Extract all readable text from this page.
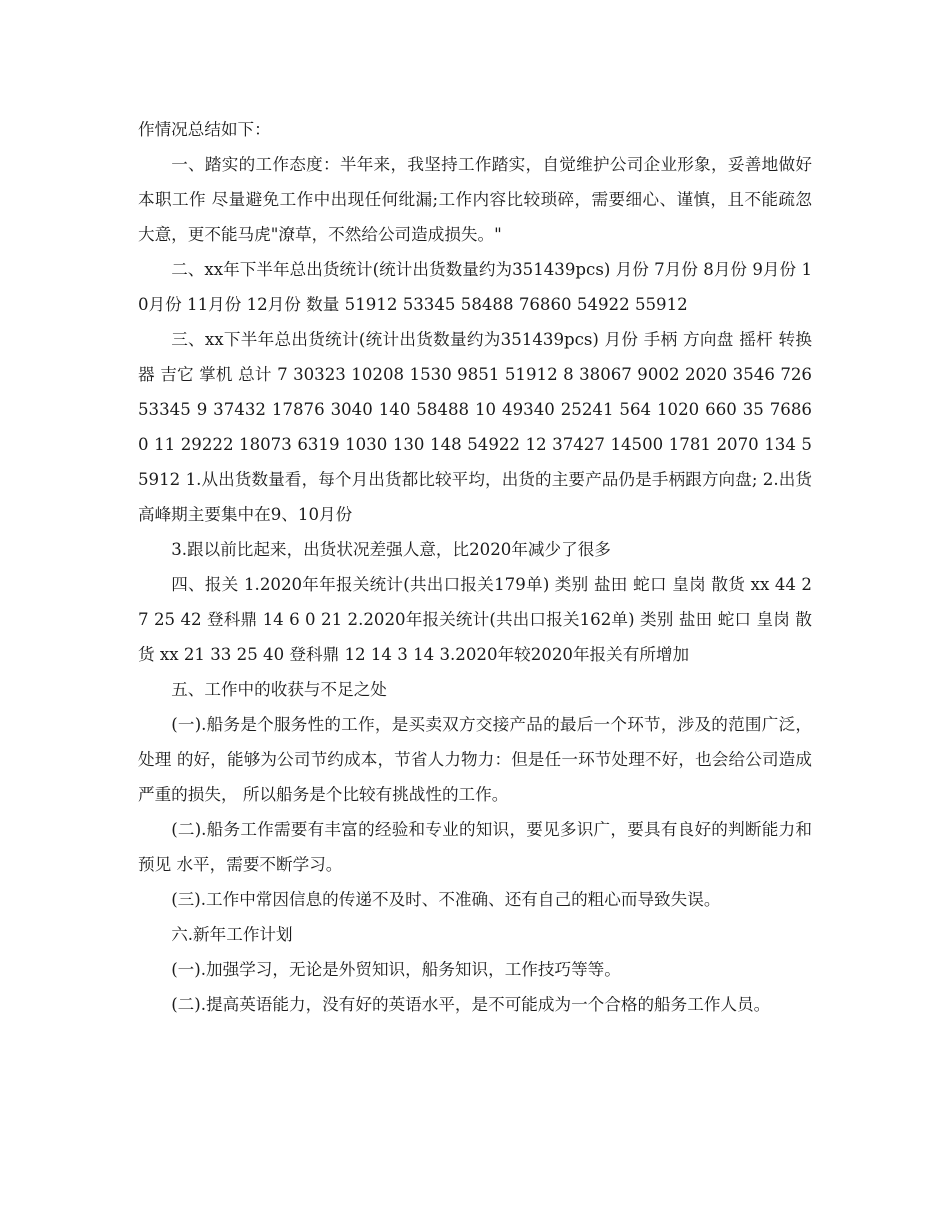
作情况总结如下：

一、踏实的工作态度：半年来，我坚持工作踏实，自觉维护公司企业形象，妥善地做好本职工作 尽量避免工作中出现任何纰漏;工作内容比较琐碎，需要细心、谨慎，且不能疏忽大意，更不能马虎"潦草，不然给公司造成损失。"

二、xx年下半年总出货统计(统计出货数量约为351439pcs) 月份 7月份 8月份 9月份 10月份 11月份 12月份 数量 51912 53345 58488 76860 54922 55912

三、xx下半年总出货统计(统计出货数量约为351439pcs) 月份 手柄 方向盘 摇杆 转换器 吉它 掌机 总计 7 30323 10208 1530 9851 51912 8 38067 9002 2020 3546 726 53345 9 37432 17876 3040 140 58488 10 49340 25241 564 1020 660 35 76860 11 29222 18073 6319 1030 130 148 54922 12 37427 14500 1781 2070 134 55912 1.从出货数量看，每个月出货都比较平均，出货的主要产品仍是手柄跟方向盘; 2.出货高峰期主要集中在9、10月份

3.跟以前比起来，出货状况差强人意，比2020年减少了很多

四、报关 1.2020年年报关统计(共出口报关179单) 类别 盐田 蛇口 皇岗 散货 xx 44 27 25 42 登科鼎 14 6 0 21 2.2020年报关统计(共出口报关162单) 类别 盐田 蛇口 皇岗 散货 xx 21 33 25 40 登科鼎 12 14 3 14 3.2020年较2020年报关有所增加

五、工作中的收获与不足之处

(一).船务是个服务性的工作，是买卖双方交接产品的最后一个环节，涉及的范围广泛，处理 的好，能够为公司节约成本，节省人力物力：但是任一环节处理不好，也会给公司造成严重的损失， 所以船务是个比较有挑战性的工作。

(二).船务工作需要有丰富的经验和专业的知识，要见多识广，要具有良好的判断能力和预见 水平，需要不断学习。

(三).工作中常因信息的传递不及时、不准确、还有自己的粗心而导致失误。

六.新年工作计划

(一).加强学习，无论是外贸知识，船务知识，工作技巧等等。

(二).提高英语能力，没有好的英语水平，是不可能成为一个合格的船务工作人员。
